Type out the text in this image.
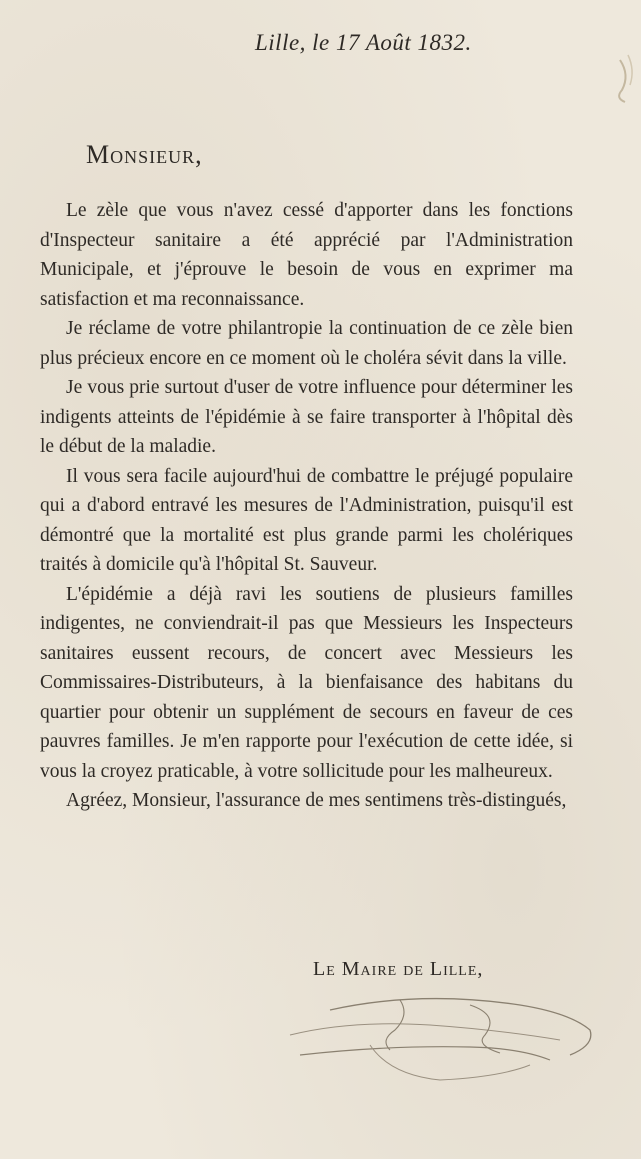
Lille, le 17 Août 1832.
Monsieur,

Le zèle que vous n'avez cessé d'apporter dans les fonctions d'Inspecteur sanitaire a été apprécié par l'Administration Municipale, et j'éprouve le besoin de vous en exprimer ma satisfaction et ma reconnaissance.

Je réclame de votre philantropie la continuation de ce zèle bien plus précieux encore en ce moment où le choléra sévit dans la ville.

Je vous prie surtout d'user de votre influence pour déterminer les indigents atteints de l'épidémie à se faire transporter à l'hôpital dès le début de la maladie.

Il vous sera facile aujourd'hui de combattre le préjugé populaire qui a d'abord entravé les mesures de l'Administration, puisqu'il est démontré que la mortalité est plus grande parmi les cholériques traités à domicile qu'à l'hôpital St. Sauveur.

L'épidémie a déjà ravi les soutiens de plusieurs familles indigentes, ne conviendrait-il pas que Messieurs les Inspecteurs sanitaires eussent recours, de concert avec Messieurs les Commissaires-Distributeurs, à la bienfaisance des habitans du quartier pour obtenir un supplément de secours en faveur de ces pauvres familles. Je m'en rapporte pour l'exécution de cette idée, si vous la croyez praticable, à votre sollicitude pour les malheureux.

Agréez, Monsieur, l'assurance de mes sentimens très-distingués,

Le Maire de Lille,
